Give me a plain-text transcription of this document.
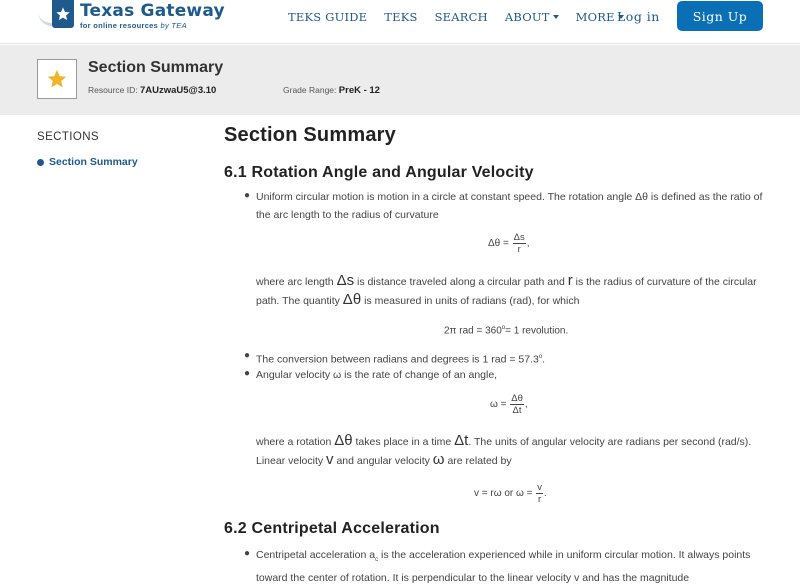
Texas Gateway
for online resources by TEA
TEKS GUIDE TEKS SEARCH ABOUT	MORE Log in	Sign Up
Section Summary
Resource ID: 7AUzwaU5@3.10	Grade Range: PreK - 12
SECTIONS
Section Summary
Section Summary
6.1 Rotation Angle and Angular Velocity
● Uniform circular motion is motion in a circle at constant speed. The rotation angle Δθ is defined as the ratio of the arc length to the radius of curvature
$\Delta\theta = \frac{\Delta s}{r}$ ,
where arc length Δs is distance traveled along a circular path and r is the radius of curvature of the circular path. The quantity Δθ is measured in units of radians (rad), for which
2π rad = $360^o= 1$ revolution.
● The conversion between radians and degrees is 1 rad = $57.3^o$.
● Angular velocity ω is the rate of change of an angle,
$\omega = \frac{\Delta\theta}{\Delta t}$ ,
where a rotation Δθ takes place in a time Δt. The units of angular velocity are radians per second (rad/s). Linear velocity v and angular velocity ω are related by
v = rω or $\omega = \frac{v}{r}$ .
6.2 Centripetal Acceleration
● Centripetal acceleration $a_c$ is the acceleration experienced while in uniform circular motion. It always points toward the center of rotation. It is perpendicular to the linear velocity v and has the magnitude
